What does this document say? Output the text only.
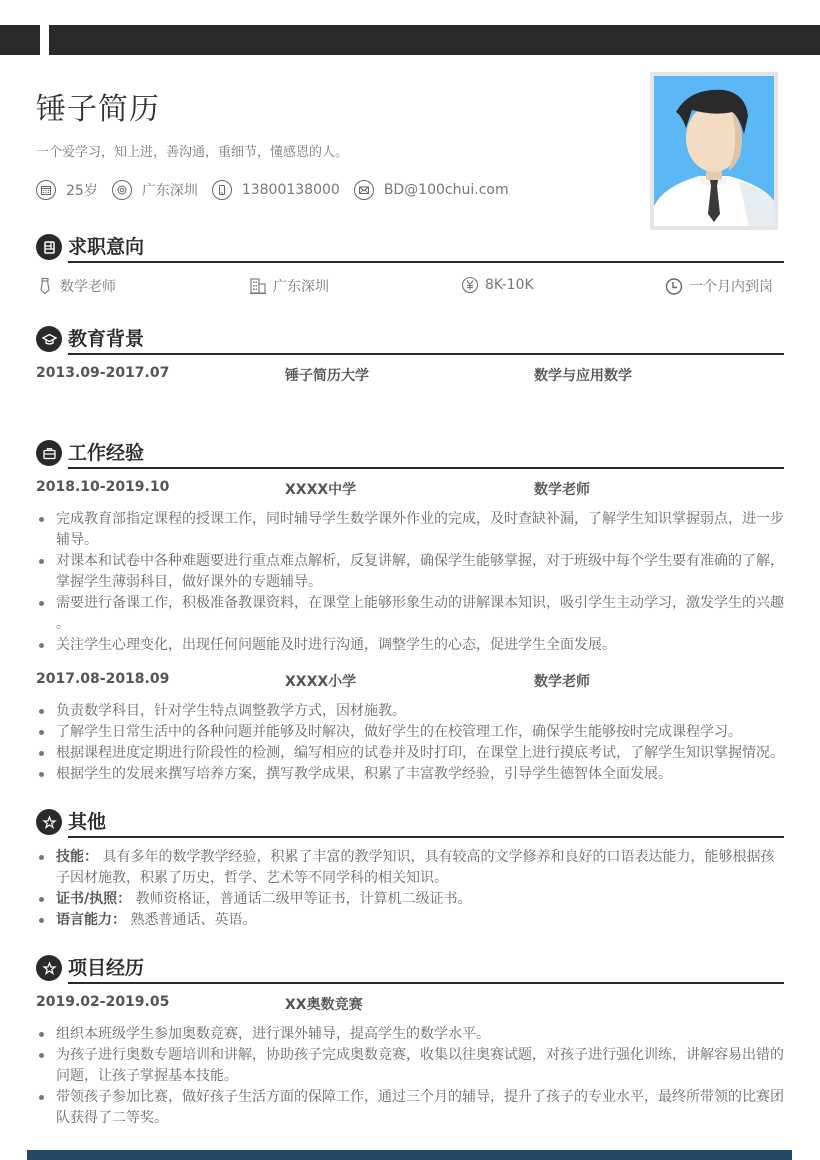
锤子简历
一个爱学习，知上进，善沟通，重细节，懂感恩的人。
25岁	广东深圳	13800138000	BD@100chui.com
求职意向
数学老师	广东深圳	8K-10K	一个月内到岗
教育背景
2013.09-2017.07	锤子简历大学	数学与应用数学
工作经验
2018.10-2019.10	XXXX中学	数学老师
完成教育部指定课程的授课工作，同时辅导学生数学课外作业的完成，及时查缺补漏，了解学生知识掌握弱点，进一步辅导。
对课本和试卷中各种难题要进行重点难点解析，反复讲解，确保学生能够掌握，对于班级中每个学生要有准确的了解，掌握学生薄弱科目，做好课外的专题辅导。
需要进行备课工作，积极准备教课资料，在课堂上能够形象生动的讲解课本知识，吸引学生主动学习，激发学生的兴趣 。
关注学生心理变化，出现任何问题能及时进行沟通，调整学生的心态，促进学生全面发展。
2017.08-2018.09	XXXX小学	数学老师
负责数学科目，针对学生特点调整教学方式，因材施教。
了解学生日常生活中的各种问题并能够及时解决，做好学生的在校管理工作，确保学生能够按时完成课程学习。
根据课程进度定期进行阶段性的检测，编写相应的试卷并及时打印，在课堂上进行摸底考试，了解学生知识掌握情况。
根据学生的发展来撰写培养方案，撰写教学成果，积累了丰富教学经验，引导学生德智体全面发展。
其他
技能： 具有多年的数学教学经验，积累了丰富的教学知识，具有较高的文学修养和良好的口语表达能力，能够根据孩子因材施教，积累了历史，哲学、艺术等不同学科的相关知识。
证书/执照： 教师资格证，普通话二级甲等证书，计算机二级证书。
语言能力： 熟悉普通话、英语。
项目经历
2019.02-2019.05	XX奥数竞赛
组织本班级学生参加奥数竞赛，进行课外辅导，提高学生的数学水平。
为孩子进行奥数专题培训和讲解，协助孩子完成奥数竞赛，收集以往奥赛试题，对孩子进行强化训练，讲解容易出错的问题，让孩子掌握基本技能。
带领孩子参加比赛，做好孩子生活方面的保障工作，通过三个月的辅导，提升了孩子的专业水平，最终所带领的比赛团队获得了二等奖。
